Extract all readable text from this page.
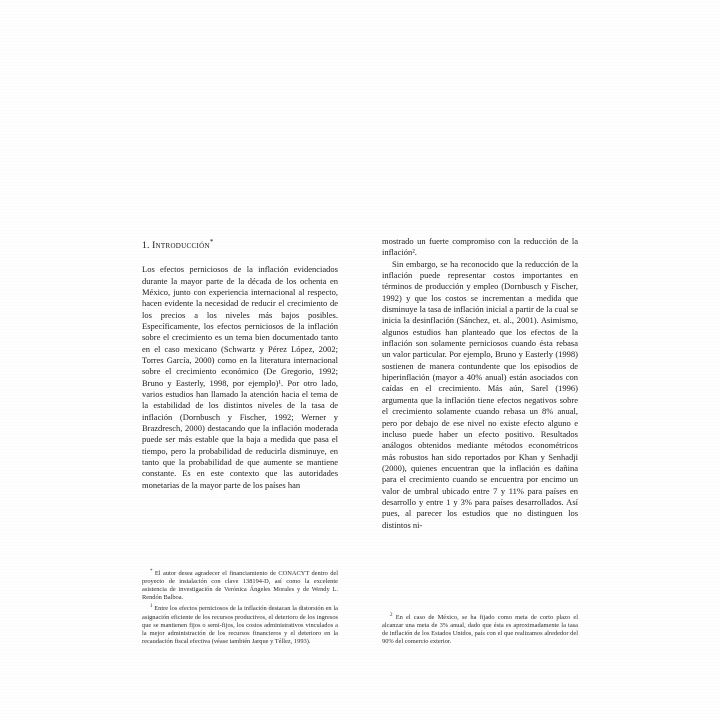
1. Introducción*

Los efectos perniciosos de la inflación evidenciados durante la mayor parte de la década de los ochenta en México, junto con experiencia internacional al respecto, hacen evidente la necesidad de reducir el crecimiento de los precios a los niveles más bajos posibles. Específicamente, los efectos perniciosos de la inflación sobre el crecimiento es un tema bien documentado tanto en el caso mexicano (Schwartz y Pérez López, 2002; Torres García, 2000) como en la literatura internacional sobre el crecimiento económico (De Gregorio, 1992; Bruno y Easterly, 1998, por ejemplo)¹. Por otro lado, varios estudios han llamado la atención hacia el tema de la estabilidad de los distintos niveles de la tasa de inflación (Dornbusch y Fischer, 1992; Werner y Brazdresch, 2000) destacando que la inflación moderada puede ser más estable que la baja a medida que pasa el tiempo, pero la probabilidad de reducirla disminuye, en tanto que la probabilidad de que aumente se mantiene constante. Es en este contexto que las autoridades monetarias de la mayor parte de los países han

* El autor desea agradecer el financiamiento de CONACYT dentro del proyecto de instalación con clave 138194-D, así como la excelente asistencia de investigación de Verónica Ángeles Morales y de Wendy L. Rendón Balboa.

$^1$ Entre los efectos perniciosos de la inflación destacan la distorsión en la asignación eficiente de los recursos productivos, el deterioro de los ingresos que se mantienen fijos o semi-fijos, los costos administrativos vinculados a la mejor administración de los recursos financieros y el deterioro en la recaudación fiscal efectiva (véase también Jarque y Téllez, 1993).

mostrado un fuerte compromiso con la reducción de la inflación².

Sin embargo, se ha reconocido que la reducción de la inflación puede representar costos importantes en términos de producción y empleo (Dornbusch y Fischer, 1992) y que los costos se incrementan a medida que disminuye la tasa de inflación inicial a partir de la cual se inicia la desinflación (Sánchez, et. al., 2001). Asimismo, algunos estudios han planteado que los efectos de la inflación son solamente perniciosos cuando ésta rebasa un valor particular. Por ejemplo, Bruno y Easterly (1998) sostienen de manera contundente que los episodios de hiperinflación (mayor a 40% anual) están asociados con caídas en el crecimiento. Más aún, Sarel (1996) argumenta que la inflación tiene efectos negativos sobre el crecimiento solamente cuando rebasa un 8% anual, pero por debajo de ese nivel no existe efecto alguno e incluso puede haber un efecto positivo. Resultados análogos obtenidos mediante métodos econométricos más robustos han sido reportados por Khan y Senhadji (2000), quienes encuentran que la inflación es dañina para el crecimiento cuando se encuentra por encimo un valor de umbral ubicado entre 7 y 11% para países en desarrollo y entre 1 y 3% para países desarrollados. Así pues, al parecer los estudios que no distinguen los distintos ni-

$^2$ En el caso de México, se ha fijado como meta de corto plazo el alcanzar una meta de 3% anual, dado que ésta es aproximadamente la tasa de inflación de los Estados Unidos, país con el que realizamos alrededor del 90% del comercio exterior.
